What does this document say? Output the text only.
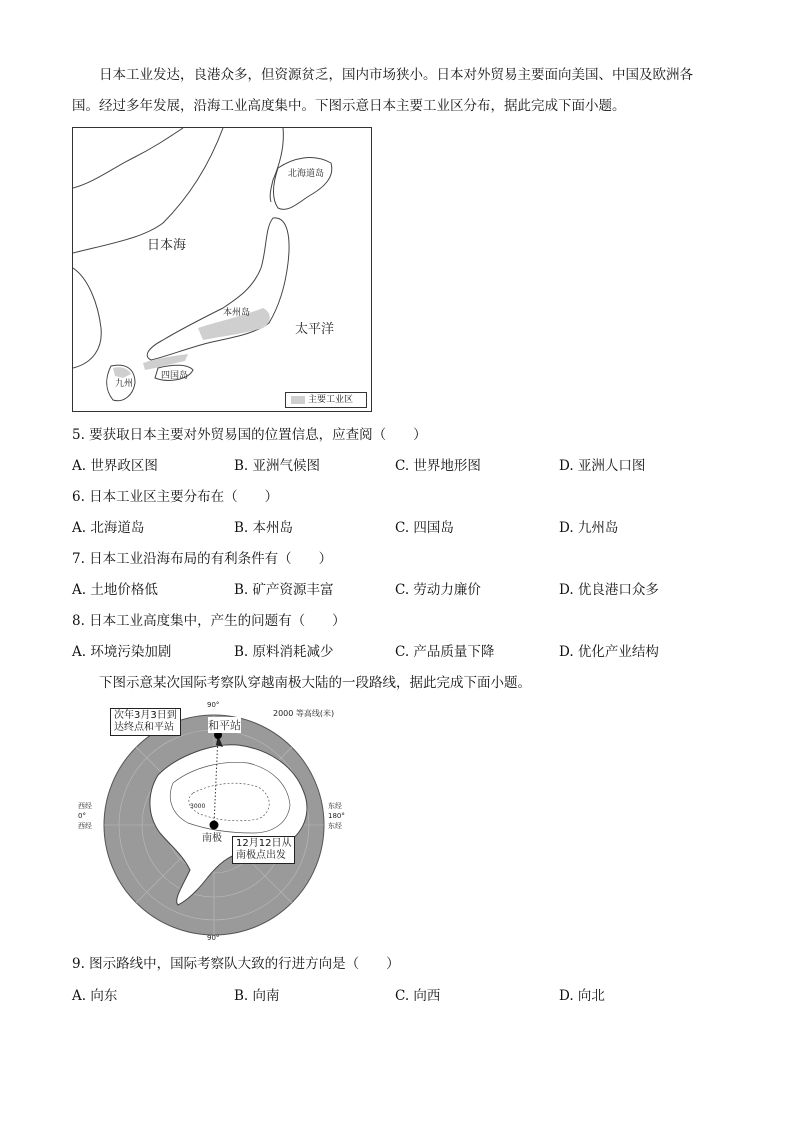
日本工业发达，良港众多，但资源贫乏，国内市场狭小。日本对外贸易主要面向美国、中国及欧洲各
国。经过多年发展，沿海工业高度集中。下图示意日本主要工业区分布，据此完成下面小题。
日本海
太平洋
北海道岛
本州岛
四国岛
九州
主要工业区
5. 要获取日本主要对外贸易国的位置信息，应查阅（　　）
A. 世界政区图	B. 亚洲气候图	C. 世界地形图	D. 亚洲人口图
6. 日本工业区主要分布在（　　）
A. 北海道岛	B. 本州岛	C. 四国岛	D. 九州岛
7. 日本工业沿海布局的有利条件有（　　）
A. 土地价格低	B. 矿产资源丰富	C. 劳动力廉价	D. 优良港口众多
8. 日本工业高度集中，产生的问题有（　　）
A. 环境污染加剧	B. 原料消耗减少	C. 产品质量下降	D. 优化产业结构
下图示意某次国际考察队穿越南极大陆的一段路线，据此完成下面小题。
2000 等高线(米)
90°
90°
和平站
南极
3000
西经
0°
西经
东经
180°
东经
次年3月3日到
达终点和平站
12月12日从
南极点出发
9. 图示路线中，国际考察队大致的行进方向是（　　）
A. 向东	B. 向南	C. 向西	D. 向北
